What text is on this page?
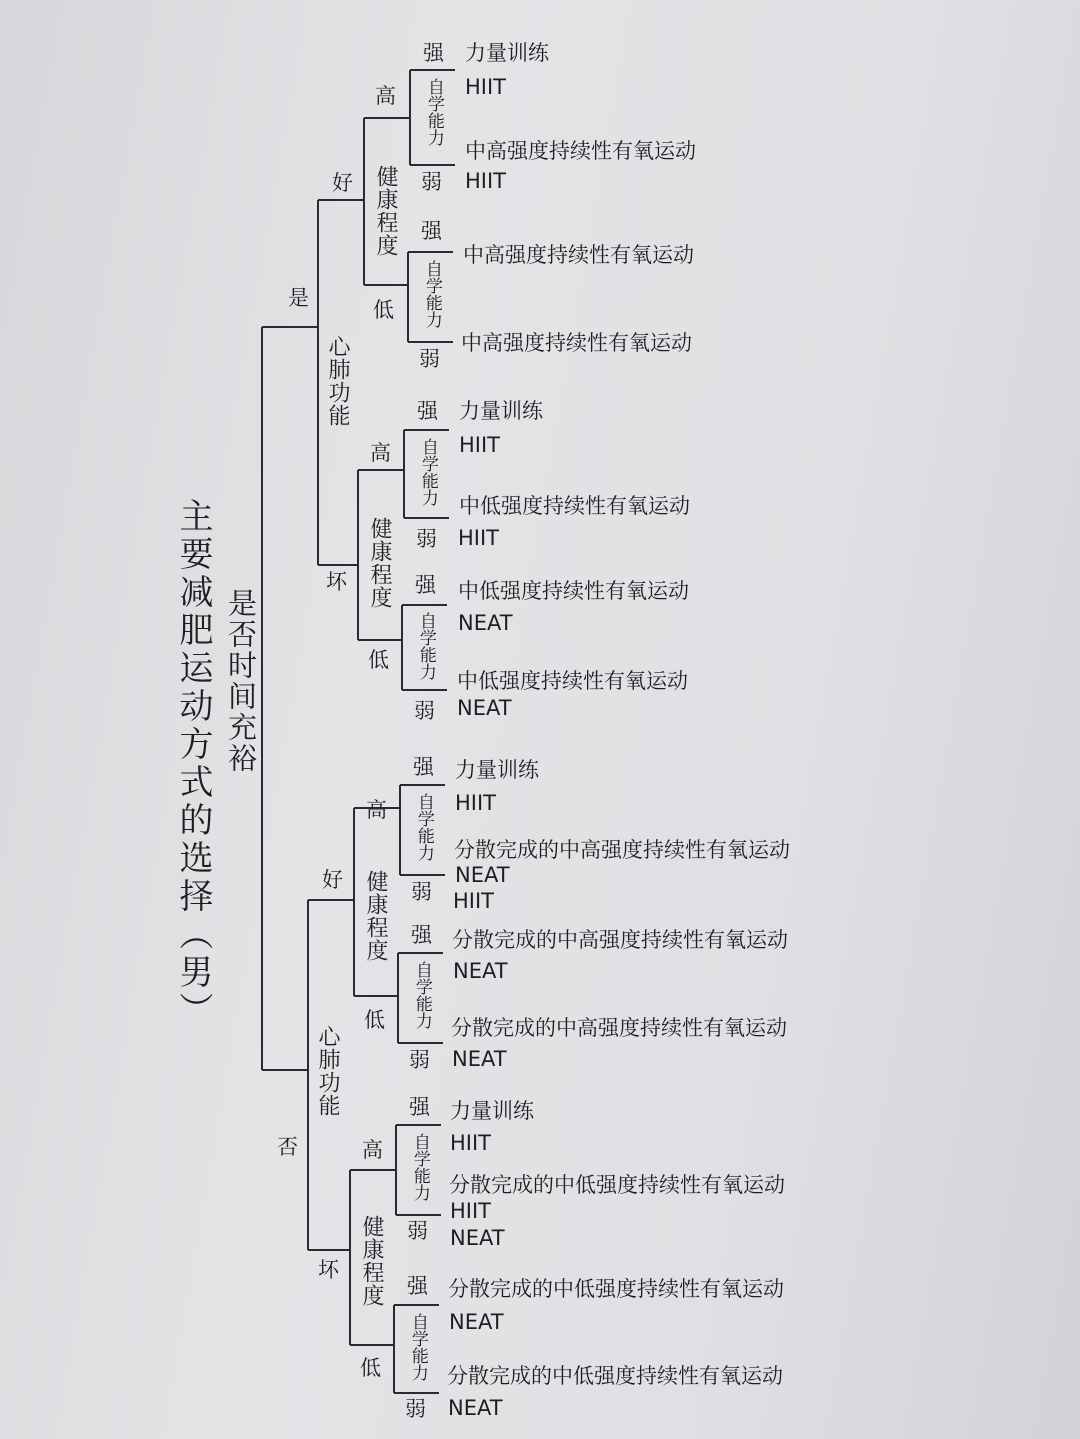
主要减肥运动方式的选择（男） 是否时间充裕
是
否
心肺功能
心肺功能
好
坏
好
坏
健康程度
健康程度
健康程度
健康程度
高
低
高
低
高
低
高
低
自学能力
自学能力
自学能力
自学能力
自学能力
自学能力
自学能力
自学能力
强
弱
强
弱
强
弱
强
弱
强
弱
强
弱
强
弱
强
弱
力量训练
HIIT
中高强度持续性有氧运动
HIIT
中高强度持续性有氧运动
中高强度持续性有氧运动
力量训练
HIIT
中低强度持续性有氧运动
HIIT
中低强度持续性有氧运动
NEAT
中低强度持续性有氧运动
NEAT
力量训练
HIIT
分散完成的中高强度持续性有氧运动
NEAT
HIIT
分散完成的中高强度持续性有氧运动
NEAT
分散完成的中高强度持续性有氧运动
NEAT
力量训练
HIIT
分散完成的中低强度持续性有氧运动
HIIT
NEAT
分散完成的中低强度持续性有氧运动
NEAT
分散完成的中低强度持续性有氧运动
NEAT
